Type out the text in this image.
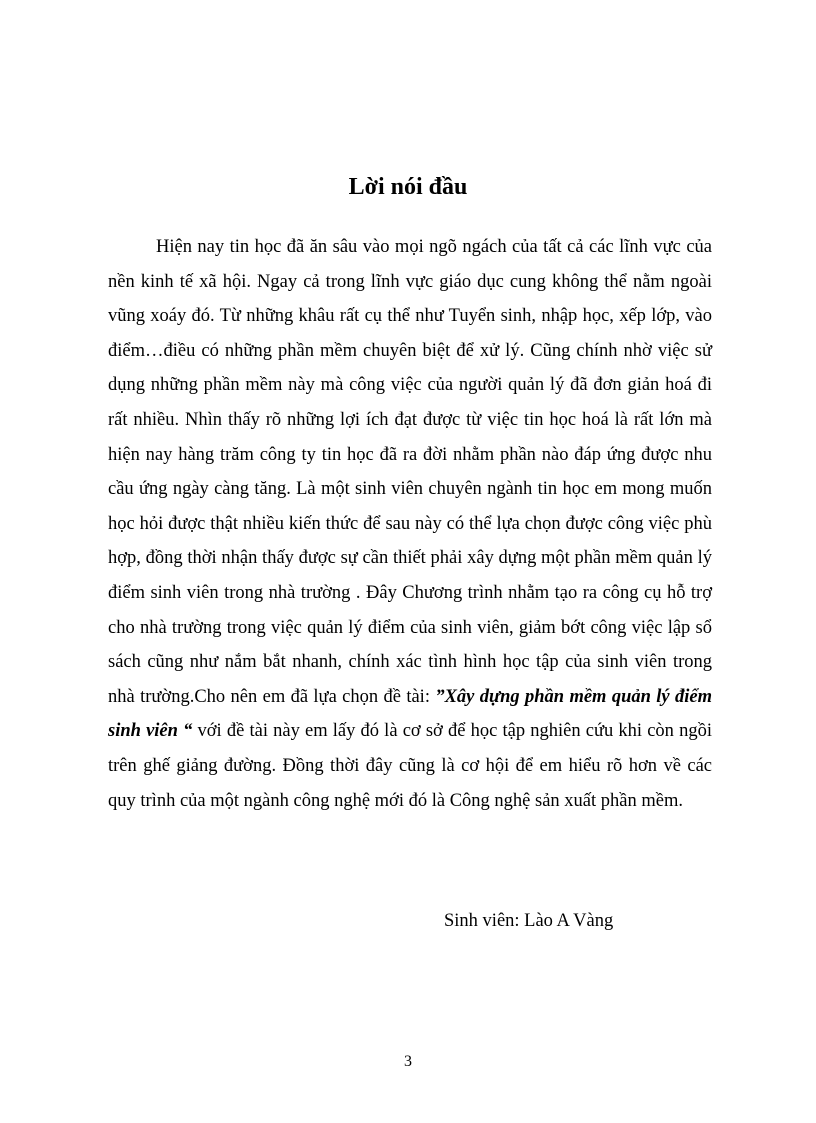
Lời nói đầu

Hiện nay tin học đã ăn sâu vào mọi ngõ ngách của tất cả các lĩnh vực của nền kinh tế xã hội. Ngay cả trong lĩnh vực giáo dục cung không thể nằm ngoài vũng xoáy đó. Từ những khâu rất cụ thể như Tuyển sinh, nhập học, xếp lớp, vào điểm…điều có những phần mềm chuyên biệt để xử lý. Cũng chính nhờ việc sử dụng những phần mềm này mà công việc của người quản lý đã đơn giản hoá đi rất nhiều. Nhìn thấy rõ những lợi ích đạt được từ việc tin học hoá là rất lớn mà hiện nay hàng trăm công ty tin học đã ra đời nhằm phần nào đáp ứng được nhu cầu ứng ngày càng tăng. Là một sinh viên chuyên ngành tin học em mong muốn học hỏi được thật nhiều kiến thức để sau này có thể lựa chọn được công việc phù hợp, đồng thời nhận thấy được sự cần thiết phải xây dựng một phần mềm quản lý điểm sinh viên trong nhà trường . Đây Chương trình nhằm tạo ra công cụ hỗ trợ cho nhà trường trong việc quản lý điểm của sinh viên, giảm bớt công việc lập sổ sách cũng như nắm bắt nhanh, chính xác tình hình học tập của sinh viên trong nhà trường.Cho nên em đã lựa chọn đề tài: ”Xây dựng phần mềm quản lý điểm sinh viên “ với đề tài này em lấy đó là cơ sở để học tập nghiên cứu khi còn ngồi trên ghế giảng đường. Đồng thời đây cũng là cơ hội để em hiểu rõ hơn về các quy trình của một ngành công nghệ mới đó là Công nghệ sản xuất phần mềm.

Sinh viên: Lào A Vàng
3
